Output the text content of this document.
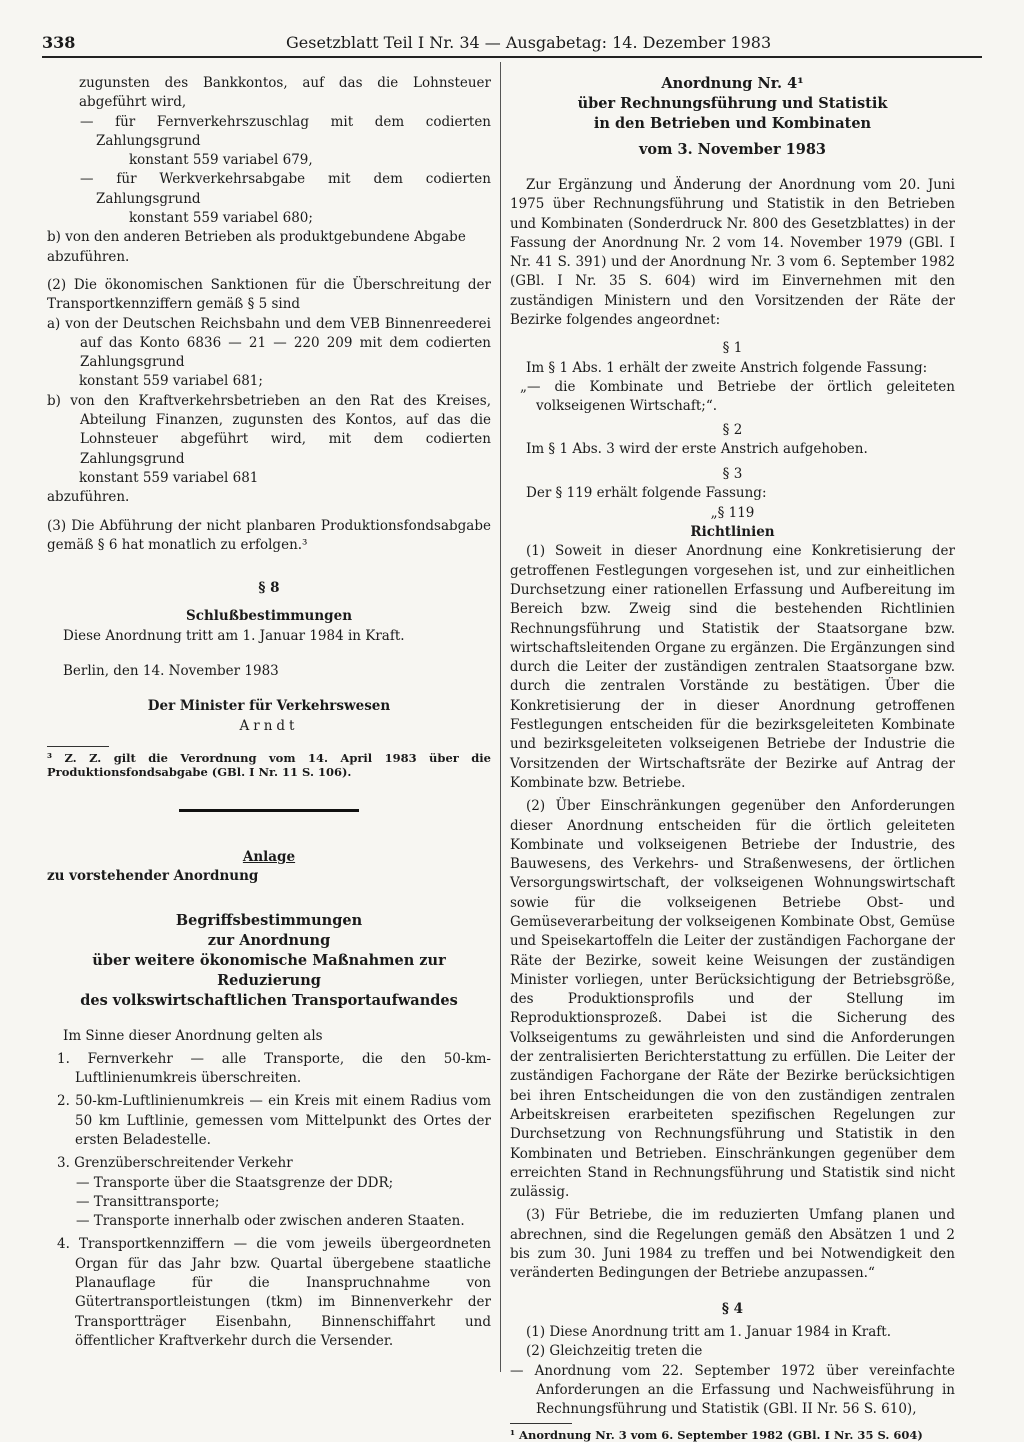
338	Gesetzblatt Teil I Nr. 34 — Ausgabetag: 14. Dezember 1983

zugunsten des Bankkontos, auf das die Lohnsteuer abgeführt wird,

— für Fernverkehrszuschlag mit dem codierten Zahlungsgrund

konstant 559 variabel 679,

— für Werkverkehrsabgabe mit dem codierten Zahlungsgrund

konstant 559 variabel 680;

b) von den anderen Betrieben als produktgebundene Abgabe

abzuführen.

(2) Die ökonomischen Sanktionen für die Überschreitung der Transportkennziffern gemäß § 5 sind

a) von der Deutschen Reichsbahn und dem VEB Binnenreederei auf das Konto 6836 — 21 — 220 209 mit dem codierten Zahlungsgrund

konstant 559 variabel 681;

b) von den Kraftverkehrsbetrieben an den Rat des Kreises, Abteilung Finanzen, zugunsten des Kontos, auf das die Lohnsteuer abgeführt wird, mit dem codierten Zahlungsgrund

konstant 559 variabel 681

abzuführen.

(3) Die Abführung der nicht planbaren Produktionsfondsabgabe gemäß § 6 hat monatlich zu erfolgen.³

§ 8

Schlußbestimmungen

Diese Anordnung tritt am 1. Januar 1984 in Kraft.

Berlin, den 14. November 1983

Der Minister für Verkehrswesen

Arndt

³ Z. Z. gilt die Verordnung vom 14. April 1983 über die Produktionsfondsabgabe (GBl. I Nr. 11 S. 106).

Anlage

zu vorstehender Anordnung

Begriffsbestimmungen

zur Anordnung

über weitere ökonomische Maßnahmen zur Reduzierung

des volkswirtschaftlichen Transportaufwandes

Im Sinne dieser Anordnung gelten als

1. Fernverkehr — alle Transporte, die den 50-km-Luftlinienumkreis überschreiten.

2. 50-km-Luftlinienumkreis — ein Kreis mit einem Radius vom 50 km Luftlinie, gemessen vom Mittelpunkt des Ortes der ersten Beladestelle.

3. Grenzüberschreitender Verkehr

— Transporte über die Staatsgrenze der DDR;

— Transittransporte;

— Transporte innerhalb oder zwischen anderen Staaten.

4. Transportkennziffern — die vom jeweils übergeordneten Organ für das Jahr bzw. Quartal übergebene staatliche Planauflage für die Inanspruchnahme von Gütertransportleistungen (tkm) im Binnenverkehr der Transportträger Eisenbahn, Binnenschiffahrt und öffentlicher Kraftverkehr durch die Versender.

Anordnung Nr. 4¹

über Rechnungsführung und Statistik

in den Betrieben und Kombinaten

vom 3. November 1983

Zur Ergänzung und Änderung der Anordnung vom 20. Juni 1975 über Rechnungsführung und Statistik in den Betrieben und Kombinaten (Sonderdruck Nr. 800 des Gesetzblattes) in der Fassung der Anordnung Nr. 2 vom 14. November 1979 (GBl. I Nr. 41 S. 391) und der Anordnung Nr. 3 vom 6. September 1982 (GBl. I Nr. 35 S. 604) wird im Einvernehmen mit den zuständigen Ministern und den Vorsitzenden der Räte der Bezirke folgendes angeordnet:

§ 1

Im § 1 Abs. 1 erhält der zweite Anstrich folgende Fassung:

„— die Kombinate und Betriebe der örtlich geleiteten volkseigenen Wirtschaft;“.

§ 2

Im § 1 Abs. 3 wird der erste Anstrich aufgehoben.

§ 3

Der § 119 erhält folgende Fassung:

„§ 119

Richtlinien

(1) Soweit in dieser Anordnung eine Konkretisierung der getroffenen Festlegungen vorgesehen ist, und zur einheitlichen Durchsetzung einer rationellen Erfassung und Aufbereitung im Bereich bzw. Zweig sind die bestehenden Richtlinien Rechnungsführung und Statistik der Staatsorgane bzw. wirtschaftsleitenden Organe zu ergänzen. Die Ergänzungen sind durch die Leiter der zuständigen zentralen Staatsorgane bzw. durch die zentralen Vorstände zu bestätigen. Über die Konkretisierung der in dieser Anordnung getroffenen Festlegungen entscheiden für die bezirksgeleiteten Kombinate und bezirksgeleiteten volkseigenen Betriebe der Industrie die Vorsitzenden der Wirtschaftsräte der Bezirke auf Antrag der Kombinate bzw. Betriebe.

(2) Über Einschränkungen gegenüber den Anforderungen dieser Anordnung entscheiden für die örtlich geleiteten Kombinate und volkseigenen Betriebe der Industrie, des Bauwesens, des Verkehrs- und Straßenwesens, der örtlichen Versorgungswirtschaft, der volkseigenen Wohnungswirtschaft sowie für die volkseigenen Betriebe Obst- und Gemüseverarbeitung der volkseigenen Kombinate Obst, Gemüse und Speisekartoffeln die Leiter der zuständigen Fachorgane der Räte der Bezirke, soweit keine Weisungen der zuständigen Minister vorliegen, unter Berücksichtigung der Betriebsgröße, des Produktionsprofils und der Stellung im Reproduktionsprozeß. Dabei ist die Sicherung des Volkseigentums zu gewährleisten und sind die Anforderungen der zentralisierten Berichterstattung zu erfüllen. Die Leiter der zuständigen Fachorgane der Räte der Bezirke berücksichtigen bei ihren Entscheidungen die von den zuständigen zentralen Arbeitskreisen erarbeiteten spezifischen Regelungen zur Durchsetzung von Rechnungsführung und Statistik in den Kombinaten und Betrieben. Einschränkungen gegenüber dem erreichten Stand in Rechnungsführung und Statistik sind nicht zulässig.

(3) Für Betriebe, die im reduzierten Umfang planen und abrechnen, sind die Regelungen gemäß den Absätzen 1 und 2 bis zum 30. Juni 1984 zu treffen und bei Notwendigkeit den veränderten Bedingungen der Betriebe anzupassen.“

§ 4

(1) Diese Anordnung tritt am 1. Januar 1984 in Kraft.

(2) Gleichzeitig treten die

— Anordnung vom 22. September 1972 über vereinfachte Anforderungen an die Erfassung und Nachweisführung in Rechnungsführung und Statistik (GBl. II Nr. 56 S. 610),

¹ Anordnung Nr. 3 vom 6. September 1982 (GBl. I Nr. 35 S. 604)
